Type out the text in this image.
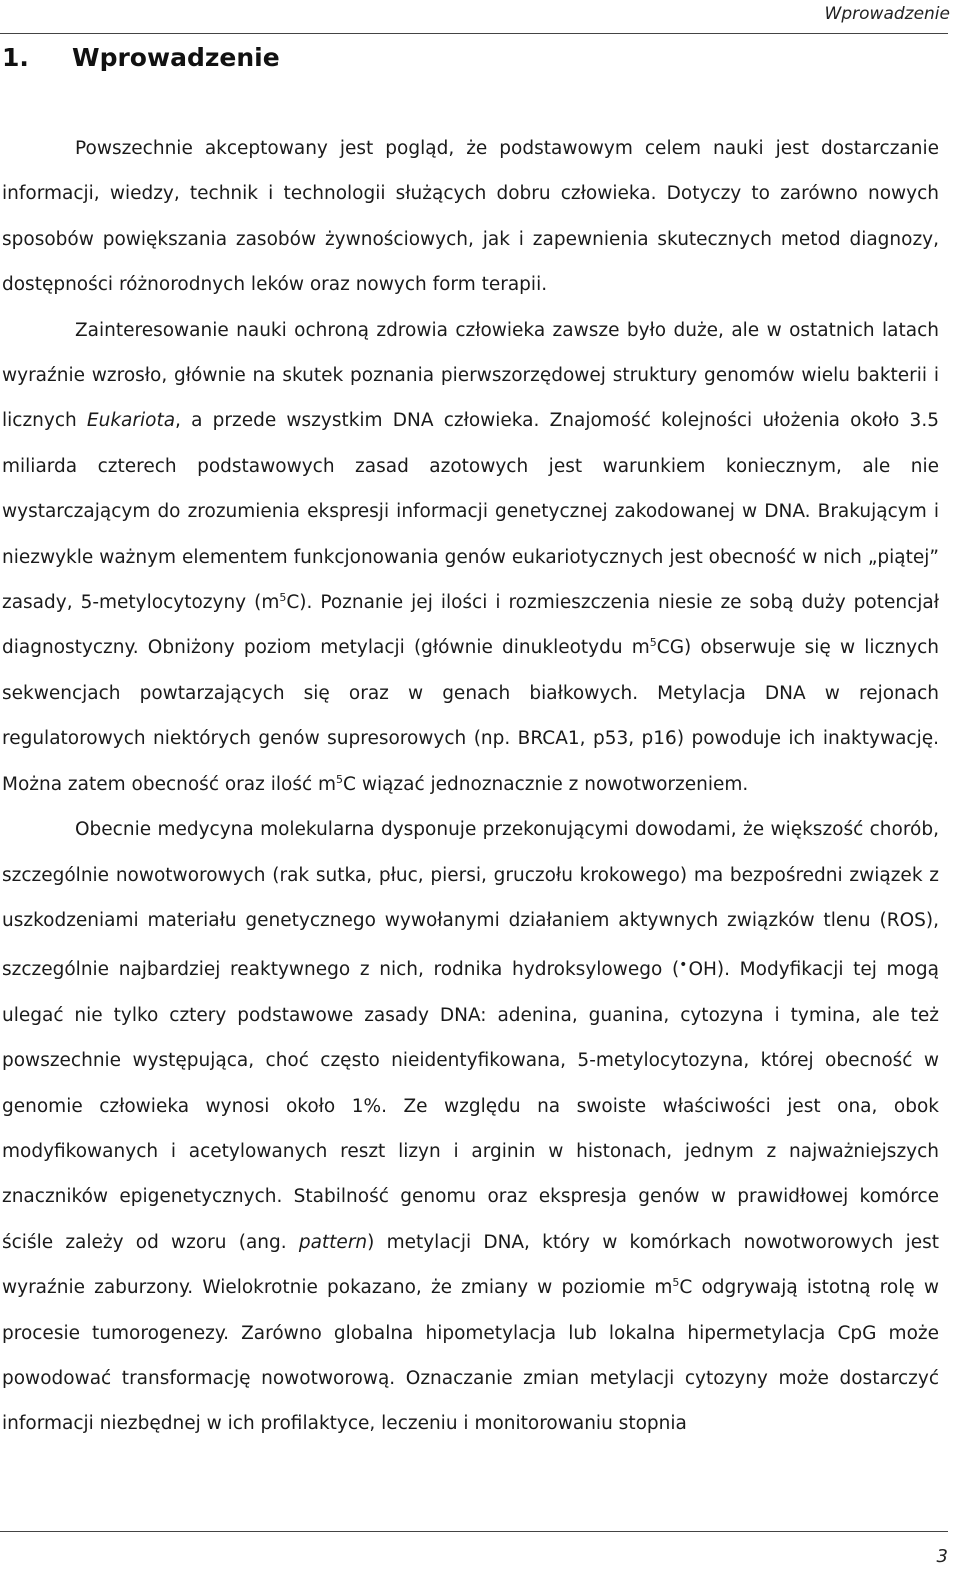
Wprowadzenie
1. Wprowadzenie

Powszechnie akceptowany jest pogląd, że podstawowym celem nauki jest dostarczanie informacji, wiedzy, technik i technologii służących dobru człowieka. Dotyczy to zarówno nowych sposobów powiększania zasobów żywnościowych, jak i zapewnienia skutecznych metod diagnozy, dostępności różnorodnych leków oraz nowych form terapii.

Zainteresowanie nauki ochroną zdrowia człowieka zawsze było duże, ale w ostatnich latach wyraźnie wzrosło, głównie na skutek poznania pierwszorzędowej struktury genomów wielu bakterii i licznych Eukariota, a przede wszystkim DNA człowieka. Znajomość kolejności ułożenia około 3.5 miliarda czterech podstawowych zasad azotowych jest warunkiem koniecznym, ale nie wystarczającym do zrozumienia ekspresji informacji genetycznej zakodowanej w DNA. Brakującym i niezwykle ważnym elementem funkcjonowania genów eukariotycznych jest obecność w nich „piątej” zasady, 5-metylocytozyny $(m^5C)$. Poznanie jej ilości i rozmieszczenia niesie ze sobą duży potencjał diagnostyczny. Obniżony poziom metylacji (głównie dinukleotydu $m^5CG$) obserwuje się w licznych sekwencjach powtarzających się oraz w genach białkowych. Metylacja DNA w rejonach regulatorowych niektórych genów supresorowych (np. BRCA1, p53, p16) powoduje ich inaktywację. Można zatem obecność oraz ilość $m^5C$ wiązać jednoznacznie z nowotworzeniem.

Obecnie medycyna molekularna dysponuje przekonującymi dowodami, że większość chorób, szczególnie nowotworowych (rak sutka, płuc, piersi, gruczołu krokowego) ma bezpośredni związek z uszkodzeniami materiału genetycznego wywołanymi działaniem aktywnych związków tlenu (ROS), szczególnie najbardziej reaktywnego z nich, rodnika hydroksylowego (•OH). Modyfikacji tej mogą ulegać nie tylko cztery podstawowe zasady DNA: adenina, guanina, cytozyna i tymina, ale też powszechnie występująca, choć często nieidentyfikowana, 5-metylocytozyna, której obecność w genomie człowieka wynosi około 1%. Ze względu na swoiste właściwości jest ona, obok modyfikowanych i acetylowanych reszt lizyn i arginin w histonach, jednym z najważniejszych znaczników epigenetycznych. Stabilność genomu oraz ekspresja genów w prawidłowej komórce ściśle zależy od wzoru (ang. pattern) metylacji DNA, który w komórkach nowotworowych jest wyraźnie zaburzony. Wielokrotnie pokazano, że zmiany w poziomie $m^5C$ odgrywają istotną rolę w procesie tumorogenezy. Zarówno globalna hipometylacja lub lokalna hipermetylacja CpG może powodować transformację nowotworową. Oznaczanie zmian metylacji cytozyny może dostarczyć informacji niezbędnej w ich profilaktyce, leczeniu i monitorowaniu stopnia

3
